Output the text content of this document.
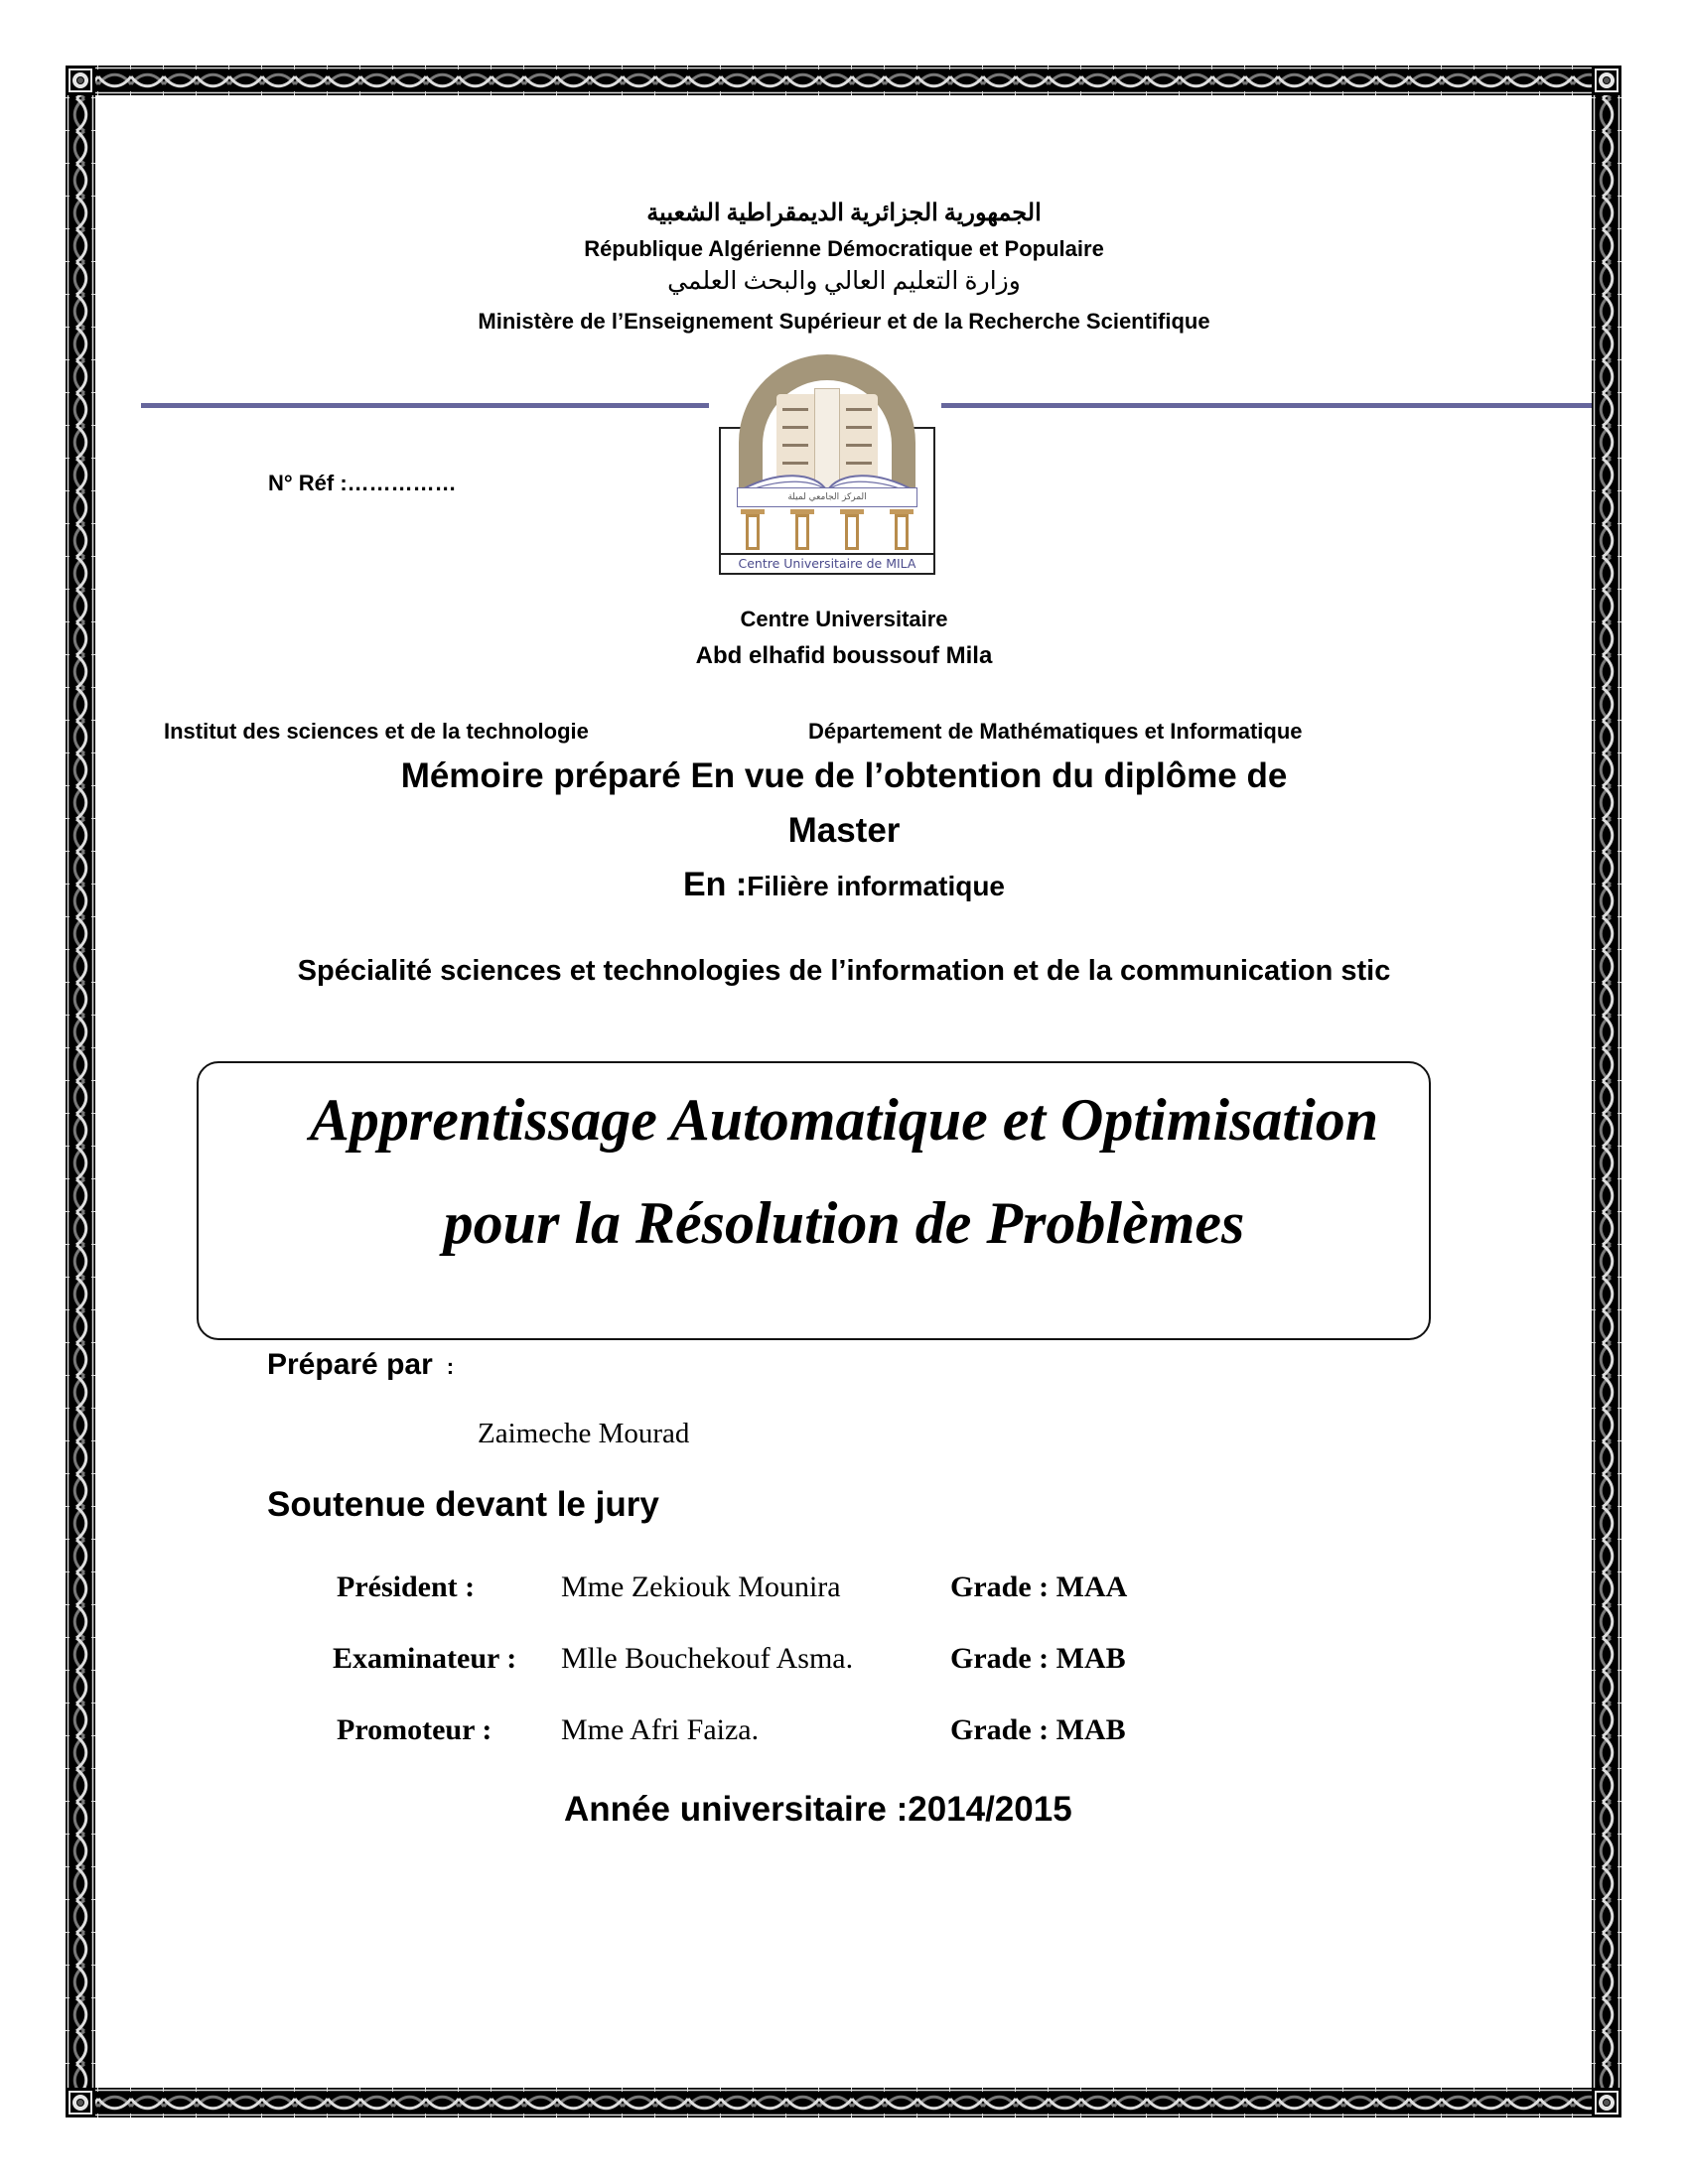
الجمهورية الجزائرية الديمقراطية الشعبية
République Algérienne Démocratique et Populaire
وزارة التعليم العالي والبحث العلمي
Ministère de l’Enseignement Supérieur et de la Recherche Scientifique
N° Réf :……………
المركز الجامعي لميلة
Centre Universitaire de MILA
Centre Universitaire
Abd elhafid boussouf Mila
Institut des sciences et de la technologie	Département de Mathématiques et Informatique
Mémoire préparé En vue de l’obtention du diplôme de
Master
En :Filière informatique
Spécialité sciences et technologies de l’information et de la communication stic
Apprentissage Automatique et Optimisation
pour la Résolution de Problèmes
Préparé par :
Zaimeche Mourad
Soutenue devant le jury
Président :	Mme Zekiouk Mounira	Grade : MAA
Examinateur : Mlle Bouchekouf Asma.	Grade : MAB
Promoteur : Mme Afri Faiza.	Grade : MAB
Année universitaire :2014/2015
